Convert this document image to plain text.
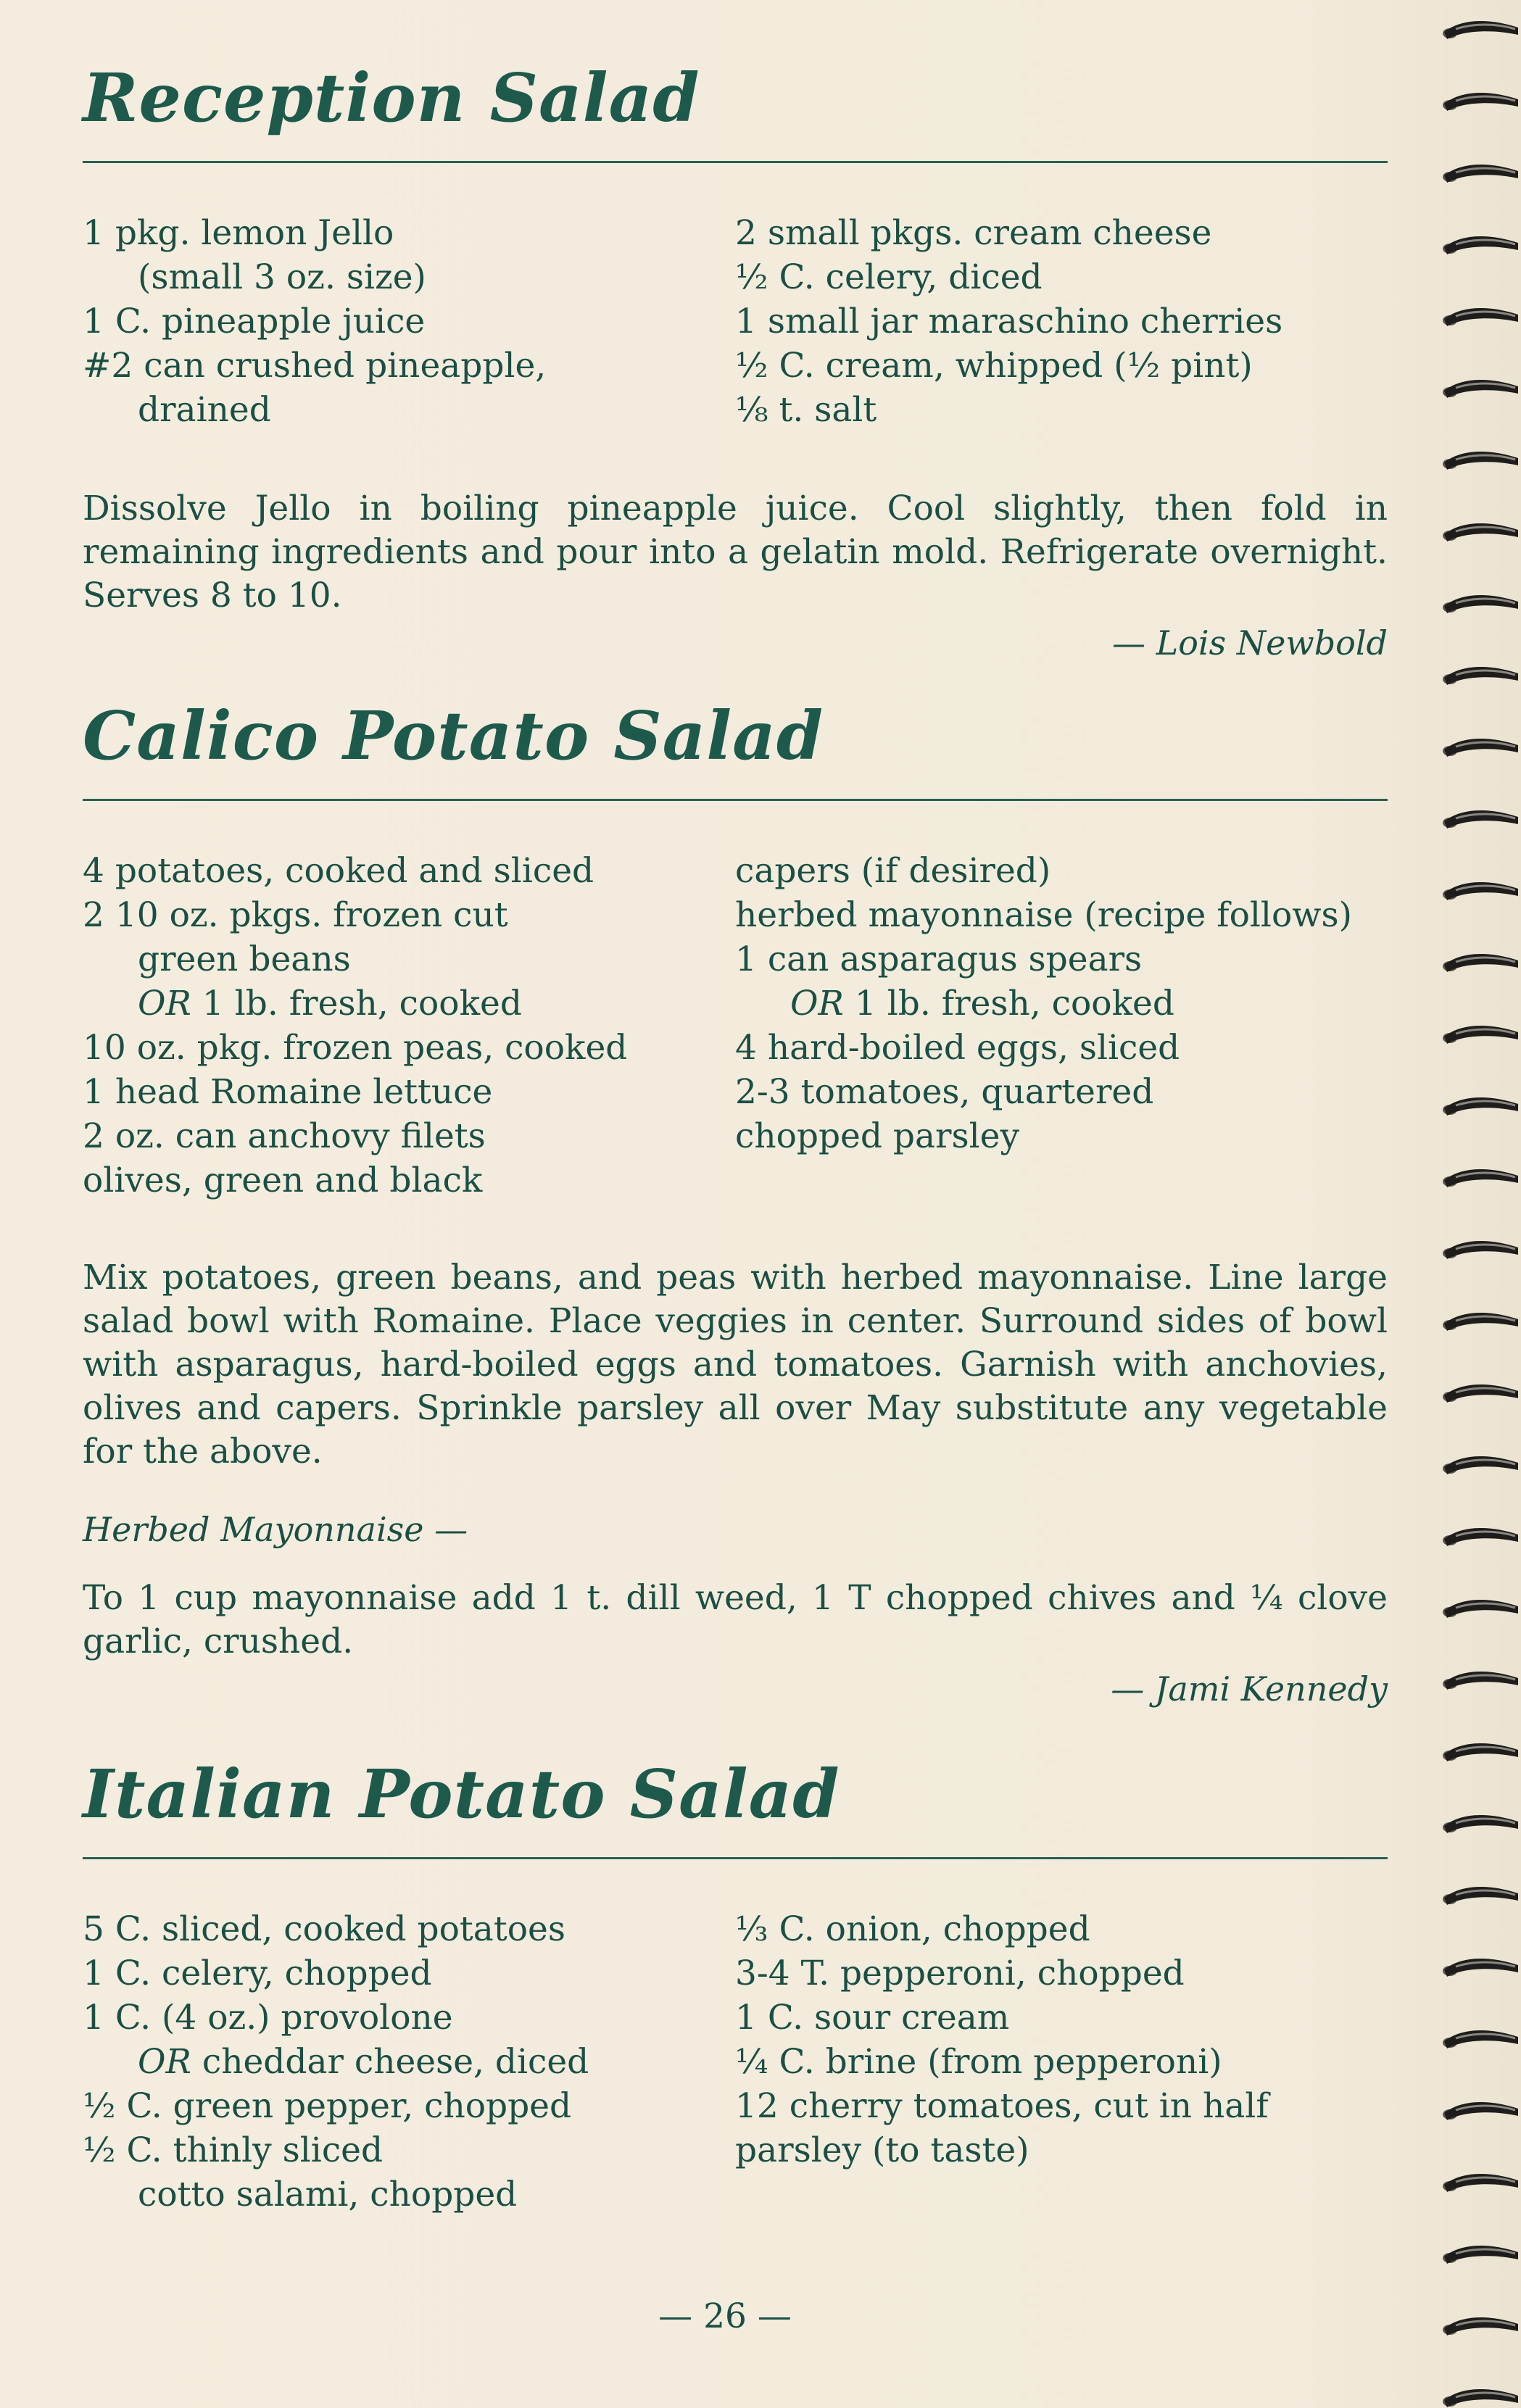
Reception Salad
1 pkg. lemon Jello
(small 3 oz. size)
1 C. pineapple juice
#2 can crushed pineapple,
drained
2 small pkgs. cream cheese
½ C. celery, diced
1 small jar maraschino cherries
½ C. cream, whipped (½ pint)
⅛ t. salt

Dissolve Jello in boiling pineapple juice. Cool slightly, then fold in remaining ingredients and pour into a gelatin mold. Refrigerate overnight. Serves 8 to 10.

— Lois Newbold
Calico Potato Salad
4 potatoes, cooked and sliced
2 10 oz. pkgs. frozen cut
green beans
OR 1 lb. fresh, cooked
10 oz. pkg. frozen peas, cooked
1 head Romaine lettuce
2 oz. can anchovy filets
olives, green and black
capers (if desired)
herbed mayonnaise (recipe follows)
1 can asparagus spears
OR 1 lb. fresh, cooked
4 hard-boiled eggs, sliced
2-3 tomatoes, quartered
chopped parsley

Mix potatoes, green beans, and peas with herbed mayonnaise. Line large salad bowl with Romaine. Place veggies in center. Surround sides of bowl with asparagus, hard-boiled eggs and tomatoes. Garnish with anchovies, olives and capers. Sprinkle parsley all over May substitute any vegetable for the above.

Herbed Mayonnaise —

To 1 cup mayonnaise add 1 t. dill weed, 1 T chopped chives and ¼ clove garlic, crushed.

— Jami Kennedy
Italian Potato Salad
5 C. sliced, cooked potatoes
1 C. celery, chopped
1 C. (4 oz.) provolone
OR cheddar cheese, diced
½ C. green pepper, chopped
½ C. thinly sliced
cotto salami, chopped
⅓ C. onion, chopped
3-4 T. pepperoni, chopped
1 C. sour cream
¼ C. brine (from pepperoni)
12 cherry tomatoes, cut in half
parsley (to taste)
— 26 —
